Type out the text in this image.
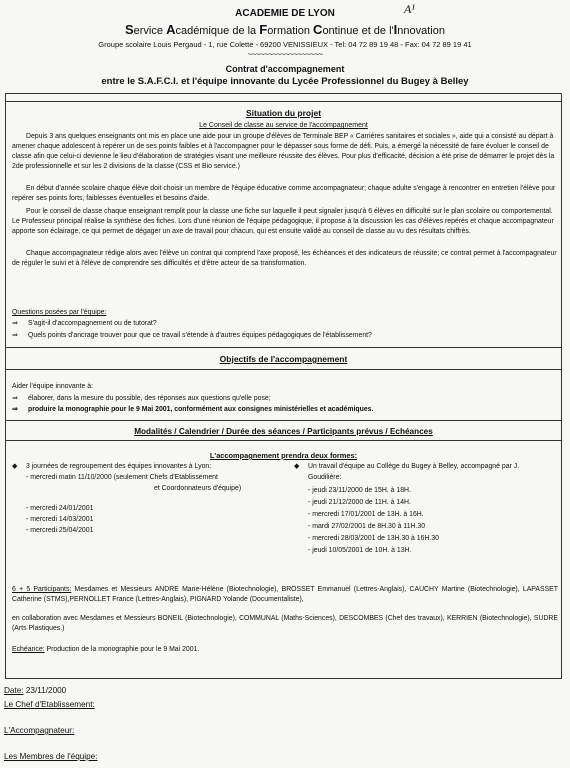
A¹
ACADEMIE DE LYON
Service Académique de la Formation Continue et de l'Innovation
Groupe scolaire Louis Pergaud - 1, rue Colette - 69200 VENISSIEUX - Tel: 04 72 89 19 48 - Fax: 04 72 89 19 41
~~~~~~~~~~~~~~~~~~
Contrat d'accompagnement
entre le S.A.F.C.I. et l'équipe innovante du Lycée Professionnel du Bugey à Belley
Situation du projet
Le Conseil de classe au service de l'accompagnement
Depuis 3 ans quelques enseignants ont mis en place une aide pour un groupe d'élèves de Terminale BEP « Carrières sanitaires et sociales », aide qui a consisté au départ à amener chaque adolescent à repérer un de ses points faibles et à l'accompagner pour le dépasser sous forme de défi. Puis, a émergé la nécessité de faire évoluer le conseil de classe afin que celui-ci devienne le lieu d'élaboration de stratégies visant une meilleure réussite des élèves. Pour plus d'efficacité, décision a été prise de démarrer le projet dès la 2de professionnelle et sur les 2 divisions de la classe (CSS et Bio service.)
En début d'année scolaire chaque élève doit choisir un membre de l'équipe éducative comme accompagnateur; chaque adulte s'engage à rencontrer en entretien l'élève pour repérer ses points forts, faiblesses éventuelles et besoins d'aide.
Pour le conseil de classe chaque enseignant remplit pour la classe une fiche sur laquelle il peut signaler jusqu'à 6 élèves en difficulté sur le plan scolaire ou comportemental. Le Professeur principal réalise la synthèse des fiches. Lors d'une réunion de l'équipe pédagogique, il propose à la discussion les cas d'élèves repérés et chaque accompagnateur apporte son éclairage, ce qui permet de dégager un axe de travail pour chacun, qui est ensuite validé au conseil de classe au vu des résultats chiffrés.
Chaque accompagnateur rédige alors avec l'élève un contrat qui comprend l'axe proposé, les échéances et des indicateurs de réussite; ce contrat permet à l'accompagnateur de réguler le suivi et à l'élève de comprendre ses difficultés et d'être acteur de sa transformation.
Questions posées par l'équipe:
⇒ S'agit-il d'accompagnement ou de tutorat?
⇒ Quels points d'ancrage trouver pour que ce travail s'étende à d'autres équipes pédagogiques de l'établissement?
Objectifs de l'accompagnement
Aider l'équipe innovante à:
⇒ élaborer, dans la mesure du possible, des réponses aux questions qu'elle pose;
⇒ produire la monographie pour le 9 Mai 2001, conformément aux consignes ministérielles et académiques.
Modalités / Calendrier / Durée des séances / Participants prévus / Echéances
L'accompagnement prendra deux formes:
◆ 3 journées de regroupement des équipes innovantes à Lyon:
- mercredi matin 11/10/2000 (seulement Chefs d'Etablissement
et Coordonnateurs d'équipe)
- mercredi 24/01/2001
- mercredi 14/03/2001
- mercredi 25/04/2001
◆ Un travail d'équipe au Collège du Bugey à Belley, accompagné par J.
Goudilière:
- jeudi 23/11/2000 de 15H. à 18H.
- jeudi 21/12/2000 de 11H. à 14H.
- mercredi 17/01/2001 de 13H. à 16H.
- mardi 27/02/2001 de 8H.30 à 11H.30
- mercredi 28/03/2001 de 13H.30 à 16H.30
- jeudi 10/05/2001 de 10H. à 13H.
6 + 5 Participants: Mesdames et Messieurs ANDRE Marie-Hélène (Biotechnologie), BROSSET Emmanuel (Lettres-Anglais), CAUCHY Martine (Biotechnologie), LAPASSET Catherine (STMS),PERNOLLET France (Lettres-Anglais), PIGNARD Yolande (Documentaliste),
en collaboration avec Mesdames et Messieurs BONEIL (Biotechnologie), COMMUNAL (Maths-Sciences), DESCOMBES (Chef des travaux), KERRIEN (Biotechnologie), SUDRE (Arts Plastiques.)
Echéance: Production de la monographie pour le 9 Mai 2001.
Date: 23/11/2000
Le Chef d'Etablissement:
L'Accompagnateur:
Les Membres de l'équipe:
